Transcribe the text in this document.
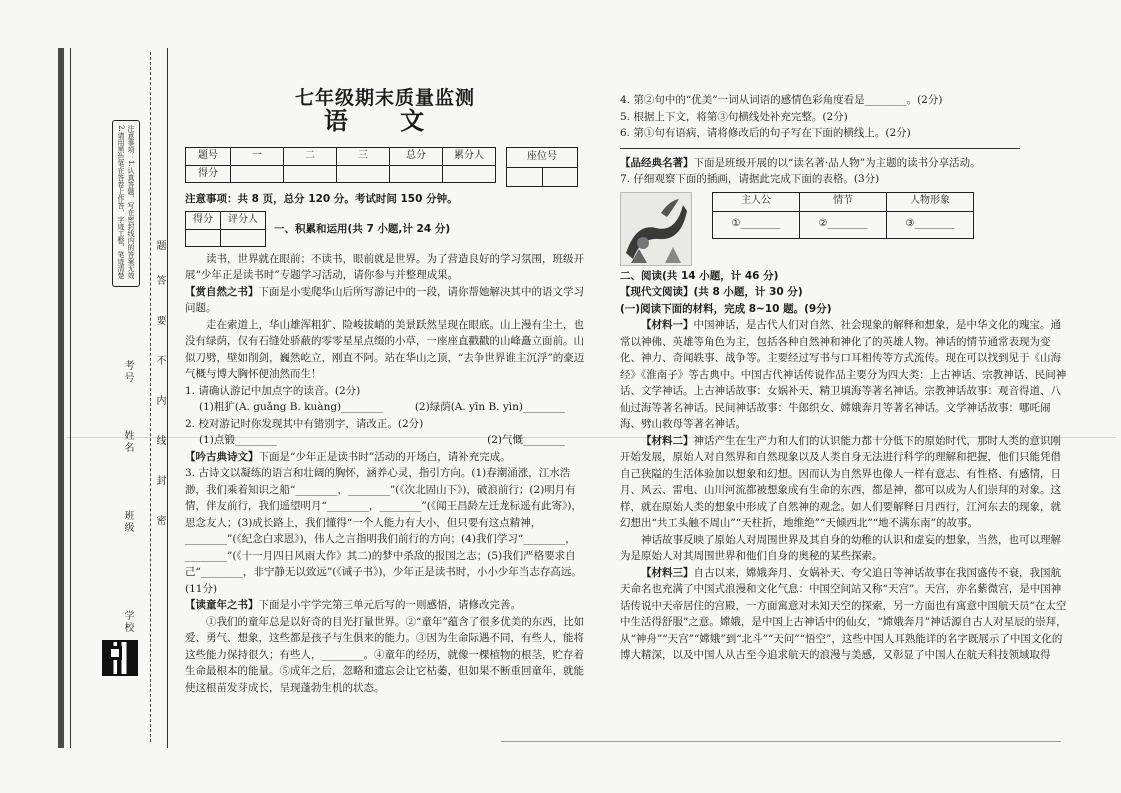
注意事项：1.认真答题，写在密封线内的答案无效 2.请用黑色笔在答卷上作答，字迹工整，笔迹清楚
学校
班级
姓名
考号
题
答
要
不
内
线
封
密
七年级期末质量监测
语 文
题号	一	二	三	总分	累分人
得分					
座位号

注意事项：共 8 页，总分 120 分。考试时间 150 分钟。

得分	评分人

一、积累和运用(共 7 小题,计 24 分)

读书，世界就在眼前；不读书，眼前就是世界。为了营造良好的学习氛围，班级开展“少年正是读书时”专题学习活动，请你参与并整理成果。

【赏自然之书】下面是小雯爬华山后所写游记中的一段，请你帮她解决其中的语文学习问题。

走在索道上，华山雄浑粗犷、险峻拔峭的美景跃然呈现在眼底。山上漫有尘土，也没有绿荫，仅有石缝处骄蔽的零零星星点缀的小草，一座座直戳戳的山峰矗立面前。山似刀劈，壁如削剑，巍然屹立，刚直不阿。站在华山之顶，“去争世界谁主沉浮”的豪迈气概与博大胸怀便油然而生！

1. 请确认游记中加点字的读音。(2分)

(1)粗犷(A. guǎng B. kuàng)________	(2)绿荫(A. yīn B. yìn)________

2. 校对游记时你发现其中有错别字，请改正。(2分)

(1)点锻________	(2)气慨________

【吟古典诗文】下面是“少年正是读书时”活动的开场白，请补充完成。

3. 古诗文以凝练的语言和壮阔的胸怀，涵养心灵，指引方向。(1)春潮涌涨，江水浩渺，我们乘着知识之船“________，________”(《次北固山下》)，破浪前行；(2)明月有情，伴友前行，我们遥望明月“________，________”(《闻王昌龄左迁龙标遥有此寄》)，思念友人；(3)成长路上，我们懂得“一个人能力有大小，但只要有这点精神，________”(《纪念白求恩》)，伟人之言指明我们前行的方向；(4)我们学习“________，________”(《十一月四日风雨大作》其二)的梦中杀敌的报国之志；(5)我们严格要求自己“________，非宁静无以致远”(《诫子书》)，少年正是读书时，小小少年当志存高远。(11分)

【读童年之书】下面是小宇学完第三单元后写的一则感悟，请修改完善。

①我们的童年总是以好奇的目光打量世界。②“童年”蕴含了很多优美的东西，比如爱、勇气、想象，这些都是孩子与生俱来的能力。③因为生命际遇不同，有些人，能将这些能力保持很久；有些人，________。④童年的经历，就像一棵植物的根茎，贮存着生命最根本的能量。⑤成年之后，忽略和遗忘会让它枯萎，但如果不断重回童年，就能使这根苗发芽成长，呈现蓬勃生机的状态。

4. 第②句中的“优美”一词从词语的感情色彩角度看是________。(2分)

5. 根据上下文，将第③句横线处补充完整。(2分)

6. 第①句有语病，请将修改后的句子写在下面的横线上。(2分)

【品经典名著】下面是班级开展的以“读名著·品人物”为主题的读书分享活动。

7. 仔细观察下面的插画，请据此完成下面的表格。(3分)

主人公	情节	人物形象
①________	②________	③________

二、阅读(共 14 小题，计 46 分)

【现代文阅读】(共 8 小题，计 30 分)

(一)阅读下面的材料，完成 8~10 题。(9分)

【材料一】中国神话，是古代人们对自然、社会现象的解释和想象，是中华文化的瑰宝。通常以神佛、英雄等角色为主，包括各种自然神和神化了的英雄人物。神话的情节通常表现为变化、神力、奇闻轶事、战争等。主要经过写书与口耳相传等方式流传。现在可以找到见于《山海经》《淮南子》等古典中。中国古代神话传说作品主要分为四大类：上古神话、宗教神话、民间神话、文学神话。上古神话故事：女娲补天、精卫填海等著名神话。宗教神话故事：观音得道、八仙过海等著名神话。民间神话故事：牛郎织女、嫦娥奔月等著名神话。文学神话故事：哪吒闹海、劈山救母等著名神话。

【材料二】神话产生在生产力和人们的认识能力都十分低下的原始时代，那时人类的意识刚开始发展，原始人对自然界和自然现象以及人类自身无法进行科学的理解和把握，他们只能凭借自己狭隘的生活体验加以想象和幻想。因而认为自然界也像人一样有意志、有性格、有感情，日月、风云、雷电、山川河流都被想象成有生命的东西，都是神，都可以成为人们崇拜的对象。这样，就在原始人类的想象中形成了自然神的观念。如人们要解释日月西行，江河东去的现象，就幻想出“共工头触不周山”“天柱折，地维绝”“天倾西北”“地不满东南”的故事。

神话故事反映了原始人对周围世界及其自身的幼稚的认识和虚妄的想象，当然，也可以理解为是原始人对其周围世界和他们自身的奥秘的某些探索。

【材料三】自古以来，嫦娥奔月、女娲补天、夸父追日等神话故事在我国盛传不衰，我国航天命名也充满了中国式浪漫和文化气息：中国空间站又称“天宫”。天宫，亦名紫微宫，是中国神话传说中天帝居住的宫殿，一方面寓意对未知天空的探索，另一方面也有寓意中国航天员“在太空中生活得舒服”之意。嫦娥，是中国上古神话中的仙女，“嫦娥奔月”神话源自古人对星辰的崇拜，从“神舟”“天宫”“嫦娥”到“北斗”“天问”“悟空”，这些中国人耳熟能详的名字既展示了中国文化的博大精深，以及中国人从古至今追求航天的浪漫与美感，又彰显了中国人在航天科技领域取得
